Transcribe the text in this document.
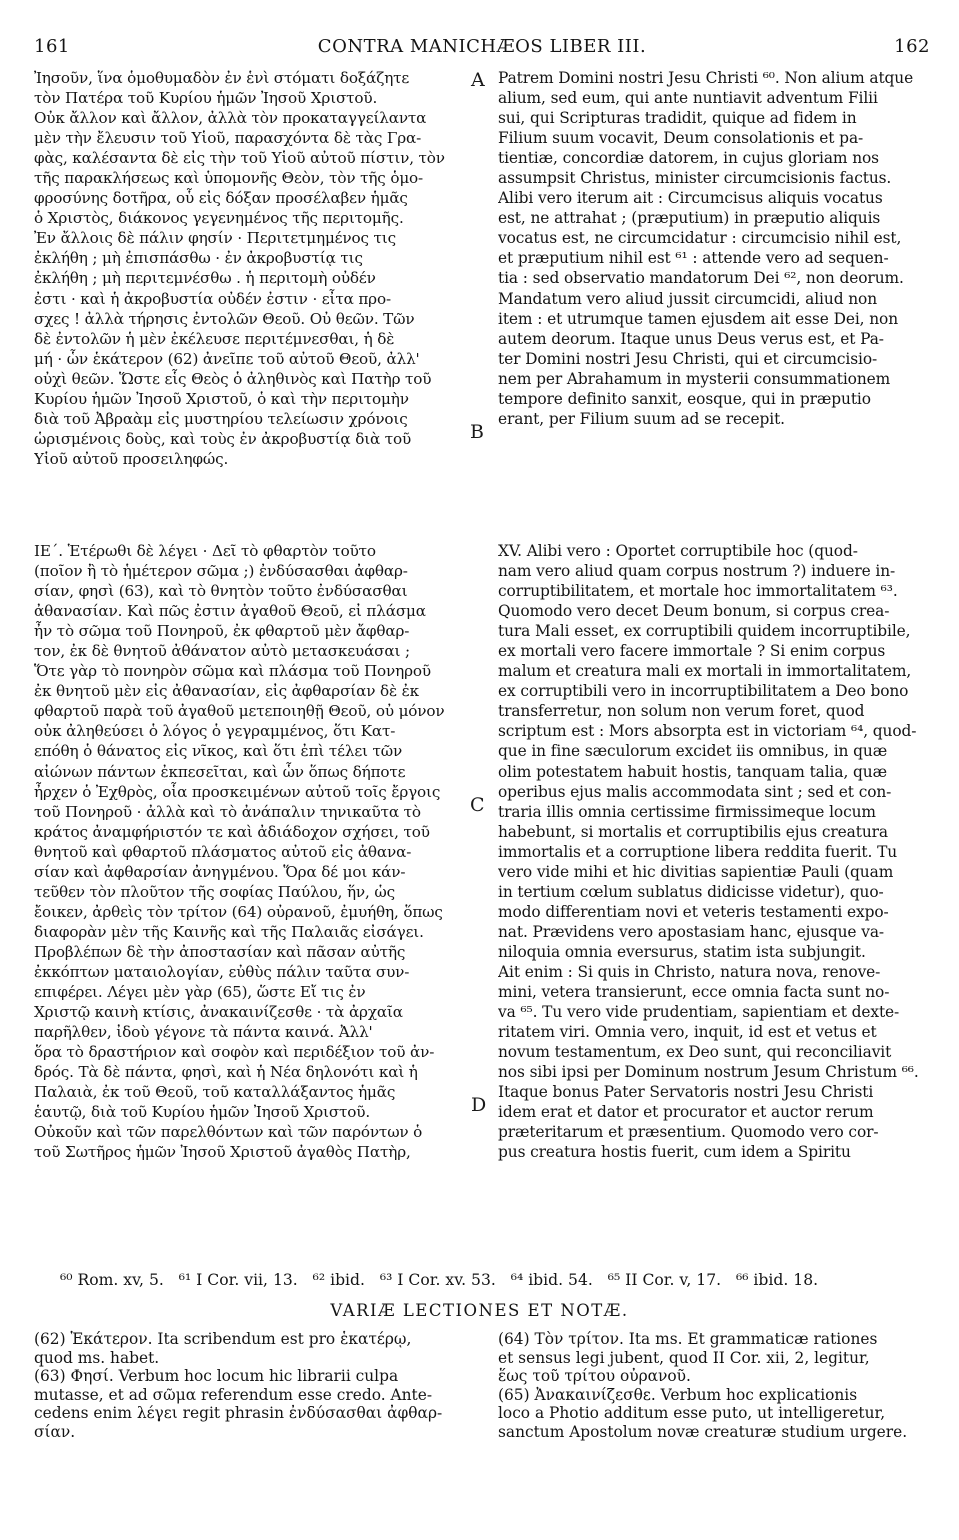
161	CONTRA MANICHÆOS LIBER III.	162
Ἰησοῦν, ἵνα ὁμοθυμαδὸν ἐν ἑνὶ στόματι δοξάζητε
τὸν Πατέρα τοῦ Κυρίου ἡμῶν Ἰησοῦ Χριστοῦ.
Οὐκ ἄλλον καὶ ἄλλον, ἀλλὰ τὸν προκαταγγείλαντα
μὲν τὴν ἔλευσιν τοῦ Υἱοῦ, παρασχόντα δὲ τὰς Γρα-
φὰς, καλέσαντα δὲ εἰς τὴν τοῦ Υἱοῦ αὐτοῦ πίστιν, τὸν
τῆς παρακλήσεως καὶ ὑπομονῆς Θεὸν, τὸν τῆς ὁμο-
φροσύνης δοτῆρα, οὗ εἰς δόξαν προσέλαβεν ἡμᾶς
ὁ Χριστὸς, διάκονος γεγενημένος τῆς περιτομῆς.
Ἐν ἄλλοις δὲ πάλιν φησίν · Περιτετμημένος τις
ἐκλήθη ; μὴ ἐπισπάσθω · ἐν ἀκροβυστίᾳ τις
ἐκλήθη ; μὴ περιτεμνέσθω . ἡ περιτομὴ οὐδέν
ἐστι · καὶ ἡ ἀκροβυστία οὐδέν ἐστιν · εἶτα προ-
σχες ! ἀλλὰ τήρησις ἐντολῶν Θεοῦ. Οὐ θεῶν. Τῶν
δὲ ἐντολῶν ἡ μὲν ἐκέλευσε περιτέμνεσθαι, ἡ δὲ
μή · ὧν ἑκάτερον (62) ἀνεῖπε τοῦ αὐτοῦ Θεοῦ, ἀλλ'
οὐχὶ θεῶν. Ὥστε εἷς Θεὸς ὁ ἀληθινὸς καὶ Πατὴρ τοῦ
Κυρίου ἡμῶν Ἰησοῦ Χριστοῦ, ὁ καὶ τὴν περιτομὴν
διὰ τοῦ Ἀβραὰμ εἰς μυστηρίου τελείωσιν χρόνοις
ὡρισμένοις δοὺς, καὶ τοὺς ἐν ἀκροβυστίᾳ διὰ τοῦ
Υἱοῦ αὐτοῦ προσειληφώς.
Patrem Domini nostri Jesu Christi ⁶⁰. Non alium atque
alium, sed eum, qui ante nuntiavit adventum Filii
sui, qui Scripturas tradidit, quique ad fidem in
Filium suum vocavit, Deum consolationis et pa-
tientiæ, concordiæ datorem, in cujus gloriam nos
assumpsit Christus, minister circumcisionis factus.
Alibi vero iterum ait : Circumcisus aliquis vocatus
est, ne attrahat ; (præputium) in præputio aliquis
vocatus est, ne circumcidatur : circumcisio nihil est,
et præputium nihil est ⁶¹ : attende vero ad sequen-
tia : sed observatio mandatorum Dei ⁶², non deorum.
Mandatum vero aliud jussit circumcidi, aliud non
item : et utrumque tamen ejusdem ait esse Dei, non
autem deorum. Itaque unus Deus verus est, et Pa-
ter Domini nostri Jesu Christi, qui et circumcisio-
nem per Abrahamum in mysterii consummationem
tempore definito sanxit, eosque, qui in præputio
erant, per Filium suum ad se recepit.
ΙΕ΄. Ἑτέρωθι δὲ λέγει · Δεῖ τὸ φθαρτὸν τοῦτο
(ποῖον ἢ τὸ ἡμέτερον σῶμα ;) ἐνδύσασθαι ἀφθαρ-
σίαν, φησὶ (63), καὶ τὸ θνητὸν τοῦτο ἐνδύσασθαι
ἀθανασίαν. Καὶ πῶς ἐστιν ἀγαθοῦ Θεοῦ, εἰ πλάσμα
ἦν τὸ σῶμα τοῦ Πονηροῦ, ἐκ φθαρτοῦ μὲν ἄφθαρ-
τον, ἐκ δὲ θνητοῦ ἀθάνατον αὐτὸ μετασκευάσαι ;
Ὅτε γὰρ τὸ πονηρὸν σῶμα καὶ πλάσμα τοῦ Πονηροῦ
ἐκ θνητοῦ μὲν εἰς ἀθανασίαν, εἰς ἀφθαρσίαν δὲ ἐκ
φθαρτοῦ παρὰ τοῦ ἀγαθοῦ μετεποιηθῇ Θεοῦ, οὐ μόνον
οὐκ ἀληθεύσει ὁ λόγος ὁ γεγραμμένος, ὅτι Κατ-
επόθη ὁ θάνατος εἰς νῖκος, καὶ ὅτι ἐπὶ τέλει τῶν
αἰώνων πάντων ἐκπεσεῖται, καὶ ὧν ὅπως δήποτε
ἦρχεν ὁ Ἐχθρὸς, οἷα προσκειμένων αὐτοῦ τοῖς ἔργοις
τοῦ Πονηροῦ · ἀλλὰ καὶ τὸ ἀνάπαλιν τηνικαῦτα τὸ
κράτος ἀναμφήριστόν τε καὶ ἀδιάδοχον σχήσει, τοῦ
θνητοῦ καὶ φθαρτοῦ πλάσματος αὐτοῦ εἰς ἀθανα-
σίαν καὶ ἀφθαρσίαν ἀνηγμένου. Ὅρα δέ μοι κάν-
τεῦθεν τὸν πλοῦτον τῆς σοφίας Παύλου, ἥν, ὡς
ἔοικεν, ἀρθεὶς τὸν τρίτον (64) οὐρανοῦ, ἐμυήθη, ὅπως
διαφορὰν μὲν τῆς Καινῆς καὶ τῆς Παλαιᾶς εἰσάγει.
Προβλέπων δὲ τὴν ἀποστασίαν καὶ πᾶσαν αὐτῆς
ἐκκόπτων ματαιολογίαν, εὐθὺς πάλιν ταῦτα συν-
επιφέρει. Λέγει μὲν γὰρ (65), ὥστε Εἴ τις ἐν
Χριστῷ καινὴ κτίσις, ἀνακαινίζεσθε · τὰ ἀρχαῖα
παρῆλθεν, ἰδοὺ γέγονε τὰ πάντα καινά. Ἀλλ'
ὅρα τὸ δραστήριον καὶ σοφὸν καὶ περιδέξιον τοῦ ἀν-
δρός. Τὰ δὲ πάντα, φησὶ, καὶ ἡ Νέα δηλονότι καὶ ἡ
Παλαιὰ, ἐκ τοῦ Θεοῦ, τοῦ καταλλάξαντος ἡμᾶς
ἑαυτῷ, διὰ τοῦ Κυρίου ἡμῶν Ἰησοῦ Χριστοῦ.
Οὐκοῦν καὶ τῶν παρελθόντων καὶ τῶν παρόντων ὁ
τοῦ Σωτῆρος ἡμῶν Ἰησοῦ Χριστοῦ ἀγαθὸς Πατὴρ,
XV. Alibi vero : Oportet corruptibile hoc (quod-
nam vero aliud quam corpus nostrum ?) induere in-
corruptibilitatem, et mortale hoc immortalitatem ⁶³.
Quomodo vero decet Deum bonum, si corpus crea-
tura Mali esset, ex corruptibili quidem incorruptibile,
ex mortali vero facere immortale ? Si enim corpus
malum et creatura mali ex mortali in immortalitatem,
ex corruptibili vero in incorruptibilitatem a Deo bono
transferretur, non solum non verum foret, quod
scriptum est : Mors absorpta est in victoriam ⁶⁴, quod-
que in fine sæculorum excidet iis omnibus, in quæ
olim potestatem habuit hostis, tanquam talia, quæ
operibus ejus malis accommodata sint ; sed et con-
traria illis omnia certissime firmissimeque locum
habebunt, si mortalis et corruptibilis ejus creatura
immortalis et a corruptione libera reddita fuerit. Tu
vero vide mihi et hic divitias sapientiæ Pauli (quam
in tertium cœlum sublatus didicisse videtur), quo-
modo differentiam novi et veteris testamenti expo-
nat. Prævidens vero apostasiam hanc, ejusque va-
niloquia omnia eversurus, statim ista subjungit.
Ait enim : Si quis in Christo, natura nova, renove-
mini, vetera transierunt, ecce omnia facta sunt no-
va ⁶⁵. Tu vero vide prudentiam, sapientiam et dexte-
ritatem viri. Omnia vero, inquit, id est et vetus et
novum testamentum, ex Deo sunt, qui reconciliavit
nos sibi ipsi per Dominum nostrum Jesum Christum ⁶⁶.
Itaque bonus Pater Servatoris nostri Jesu Christi
idem erat et dator et procurator et auctor rerum
præteritarum et præsentium. Quomodo vero cor-
pus creatura hostis fuerit, cum idem a Spiritu
A
B
C
D
⁶⁰ Rom. xv, 5.   ⁶¹ I Cor. vii, 13.   ⁶² ibid.   ⁶³ I Cor. xv. 53.   ⁶⁴ ibid. 54.   ⁶⁵ II Cor. v, 17.   ⁶⁶ ibid. 18.
VARIÆ LECTIONES ET NOTÆ.
(62) Ἑκάτερον. Ita scribendum est pro ἑκατέρῳ,
quod ms. habet.
(63) Φησί. Verbum hoc locum hic librarii culpa
mutasse, et ad σῶμα referendum esse credo. Ante-
cedens enim λέγει regit phrasin ἐνδύσασθαι ἀφθαρ-
σίαν.
(64) Τὸν τρίτον. Ita ms. Et grammaticæ rationes
et sensus legi jubent, quod II Cor. xii, 2, legitur,
ἕως τοῦ τρίτου οὐρανοῦ.
(65) Ἀνακαινίζεσθε. Verbum hoc explicationis
loco a Photio additum esse puto, ut intelligeretur,
sanctum Apostolum novæ creaturæ studium urgere.
